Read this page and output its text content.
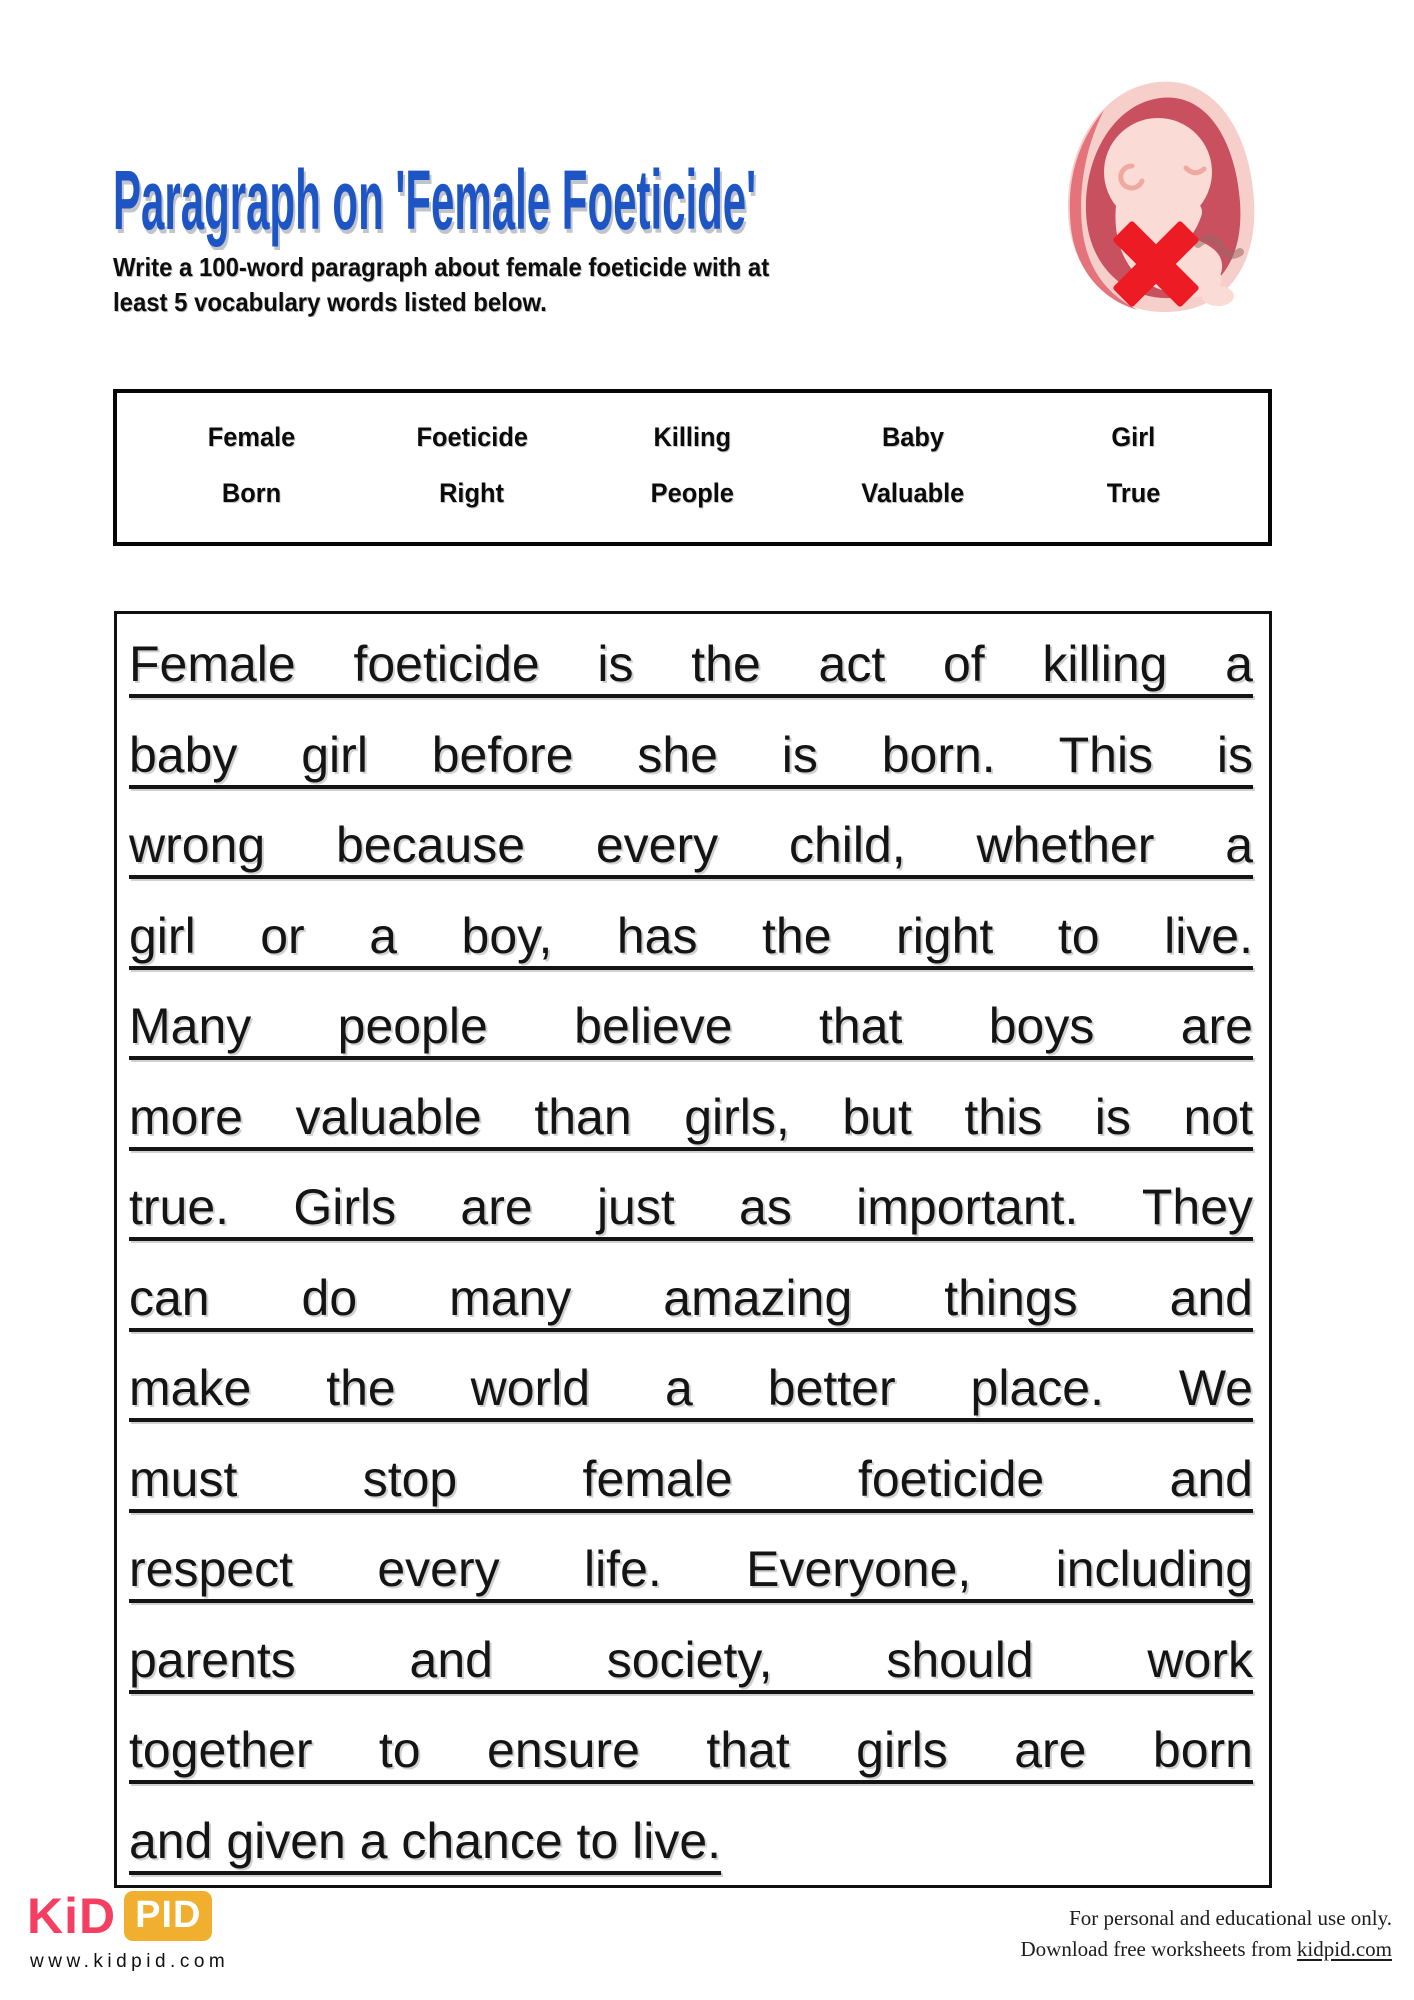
Paragraph on 'Female Foeticide'

Write a 100-word paragraph about female foeticide with at
least 5 vocabulary words listed below.

Female	Foeticide	Killing	Baby	Girl
Born	Right	People	Valuable	True
Female foeticide is the act of killing a
baby girl before she is born. This is
wrong because every child, whether a
girl or a boy, has the right to live.
Many people believe that boys are
more valuable than girls, but this is not
true. Girls are just as important. They
can do many amazing things and
make the world a better place. We
must stop female foeticide and
respect every life. Everyone, including
parents and society, should work
together to ensure that girls are born
and given a chance to live.
KiD PID
www.kidpid.com
For personal and educational use only.
Download free worksheets from kidpid.com
